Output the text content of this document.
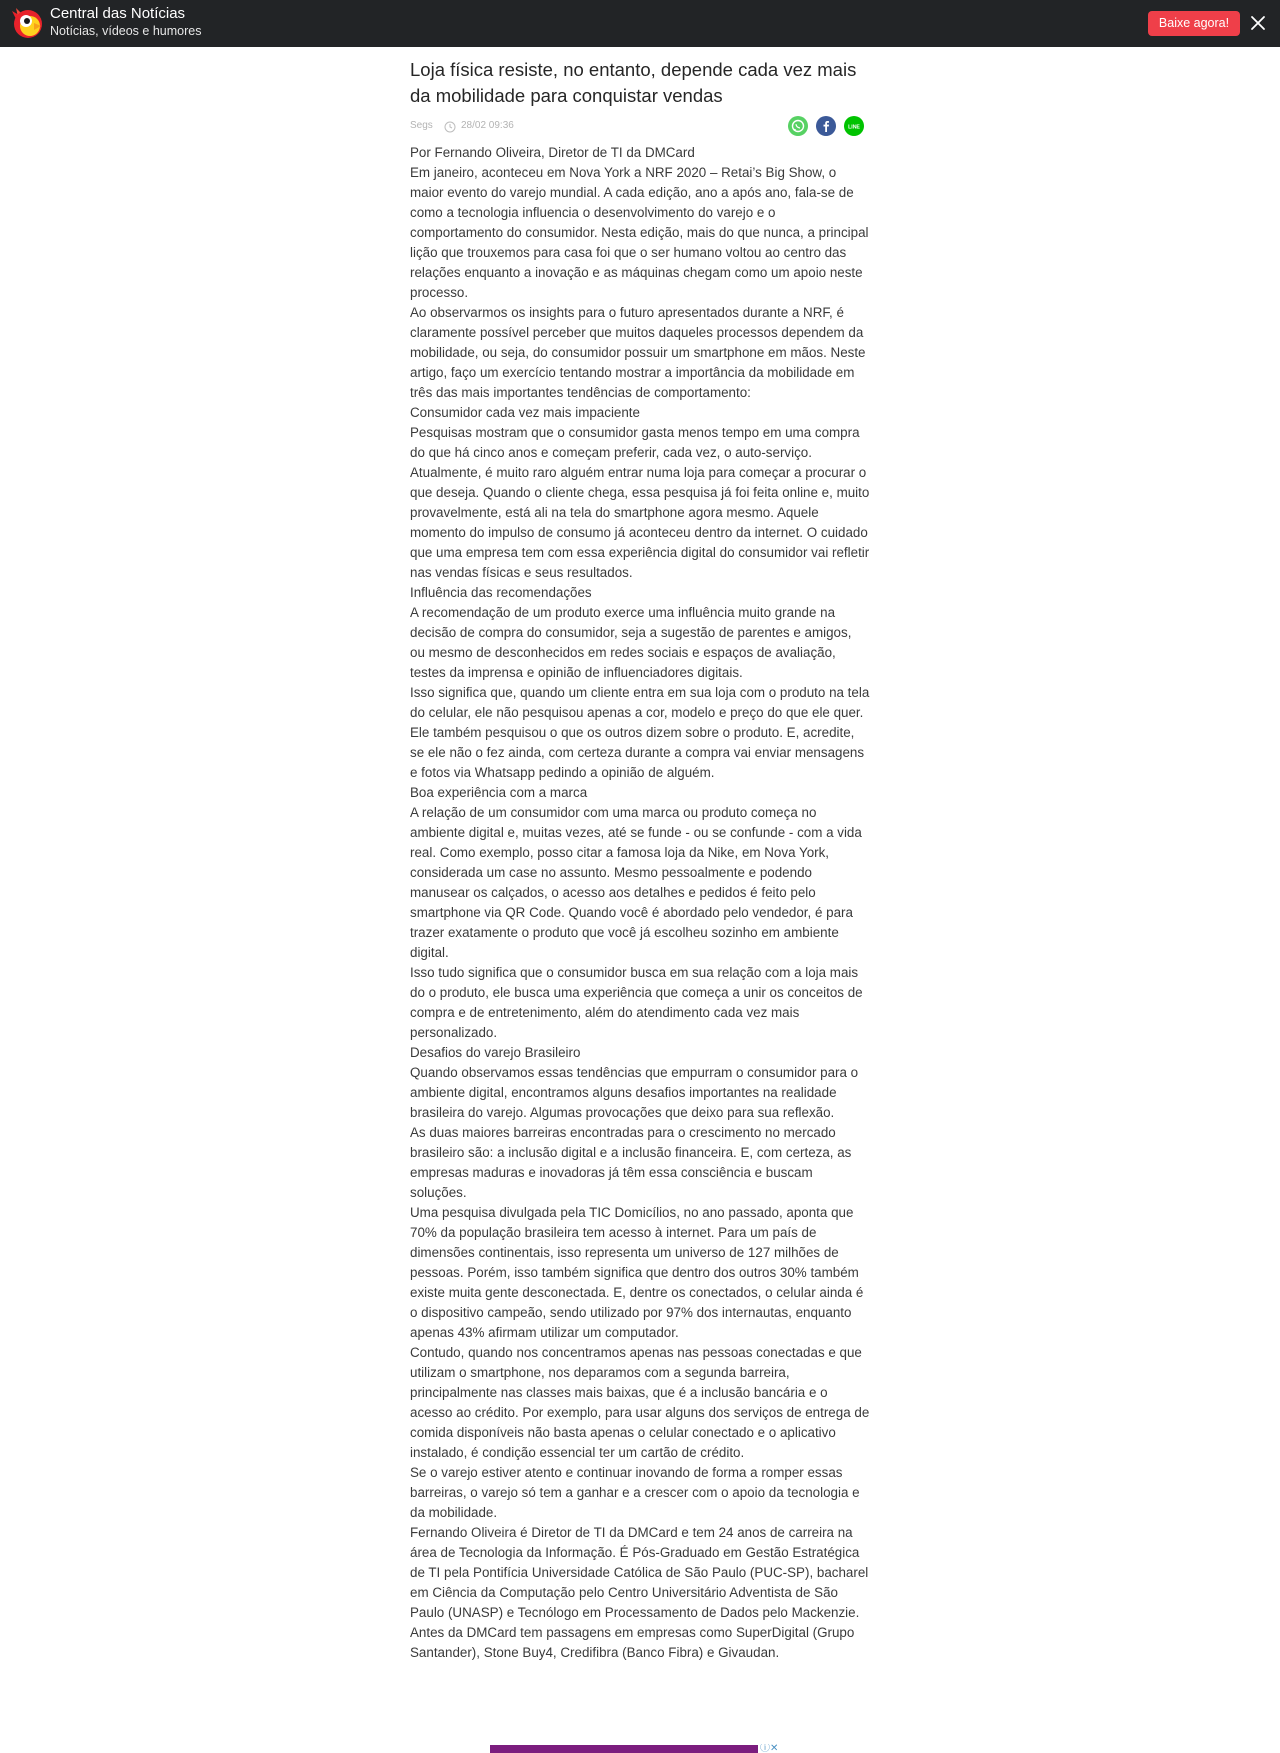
Central das Notícias
Notícias, vídeos e humores
Baixe agora!
Loja física resiste, no entanto, depende cada vez mais da mobilidade para conquistar vendas
Segs	28/02 09:36	LINE

Por Fernando Oliveira, Diretor de TI da DMCard

Em janeiro, aconteceu em Nova York a NRF 2020 – Retai’s Big Show, o maior evento do varejo mundial. A cada edição, ano a após ano, fala-se de como a tecnologia influencia o desenvolvimento do varejo e o comportamento do consumidor. Nesta edição, mais do que nunca, a principal lição que trouxemos para casa foi que o ser humano voltou ao centro das relações enquanto a inovação e as máquinas chegam como um apoio neste processo.

Ao observarmos os insights para o futuro apresentados durante a NRF, é claramente possível perceber que muitos daqueles processos dependem da mobilidade, ou seja, do consumidor possuir um smartphone em mãos. Neste artigo, faço um exercício tentando mostrar a importância da mobilidade em três das mais importantes tendências de comportamento:

Consumidor cada vez mais impaciente

Pesquisas mostram que o consumidor gasta menos tempo em uma compra do que há cinco anos e começam preferir, cada vez, o auto-serviço.

Atualmente, é muito raro alguém entrar numa loja para começar a procurar o que deseja. Quando o cliente chega, essa pesquisa já foi feita online e, muito provavelmente, está ali na tela do smartphone agora mesmo. Aquele momento do impulso de consumo já aconteceu dentro da internet. O cuidado que uma empresa tem com essa experiência digital do consumidor vai refletir nas vendas físicas e seus resultados.

Influência das recomendações

A recomendação de um produto exerce uma influência muito grande na decisão de compra do consumidor, seja a sugestão de parentes e amigos, ou mesmo de desconhecidos em redes sociais e espaços de avaliação, testes da imprensa e opinião de influenciadores digitais.

Isso significa que, quando um cliente entra em sua loja com o produto na tela do celular, ele não pesquisou apenas a cor, modelo e preço do que ele quer. Ele também pesquisou o que os outros dizem sobre o produto. E, acredite, se ele não o fez ainda, com certeza durante a compra vai enviar mensagens e fotos via Whatsapp pedindo a opinião de alguém.

Boa experiência com a marca

A relação de um consumidor com uma marca ou produto começa no ambiente digital e, muitas vezes, até se funde - ou se confunde - com a vida real. Como exemplo, posso citar a famosa loja da Nike, em Nova York, considerada um case no assunto. Mesmo pessoalmente e podendo manusear os calçados, o acesso aos detalhes e pedidos é feito pelo smartphone via QR Code. Quando você é abordado pelo vendedor, é para trazer exatamente o produto que você já escolheu sozinho em ambiente digital.

Isso tudo significa que o consumidor busca em sua relação com a loja mais do o produto, ele busca uma experiência que começa a unir os conceitos de compra e de entretenimento, além do atendimento cada vez mais personalizado.

Desafios do varejo Brasileiro

Quando observamos essas tendências que empurram o consumidor para o ambiente digital, encontramos alguns desafios importantes na realidade brasileira do varejo. Algumas provocações que deixo para sua reflexão.

As duas maiores barreiras encontradas para o crescimento no mercado brasileiro são: a inclusão digital e a inclusão financeira. E, com certeza, as empresas maduras e inovadoras já têm essa consciência e buscam soluções.

Uma pesquisa divulgada pela TIC Domicílios, no ano passado, aponta que 70% da população brasileira tem acesso à internet. Para um país de dimensões continentais, isso representa um universo de 127 milhões de pessoas. Porém, isso também significa que dentro dos outros 30% também existe muita gente desconectada. E, dentre os conectados, o celular ainda é o dispositivo campeão, sendo utilizado por 97% dos internautas, enquanto apenas 43% afirmam utilizar um computador.

Contudo, quando nos concentramos apenas nas pessoas conectadas e que utilizam o smartphone, nos deparamos com a segunda barreira, principalmente nas classes mais baixas, que é a inclusão bancária e o acesso ao crédito. Por exemplo, para usar alguns dos serviços de entrega de comida disponíveis não basta apenas o celular conectado e o aplicativo instalado, é condição essencial ter um cartão de crédito.

Se o varejo estiver atento e continuar inovando de forma a romper essas barreiras, o varejo só tem a ganhar e a crescer com o apoio da tecnologia e da mobilidade.

Fernando Oliveira é Diretor de TI da DMCard e tem 24 anos de carreira na área de Tecnologia da Informação. É Pós-Graduado em Gestão Estratégica de TI pela Pontifícia Universidade Católica de São Paulo (PUC-SP), bacharel em Ciência da Computação pelo Centro Universitário Adventista de São Paulo (UNASP) e Tecnólogo em Processamento de Dados pelo Mackenzie. Antes da DMCard tem passagens em empresas como SuperDigital (Grupo Santander), Stone Buy4, Credifibra (Banco Fibra) e Givaudan.

ⓘ✕
